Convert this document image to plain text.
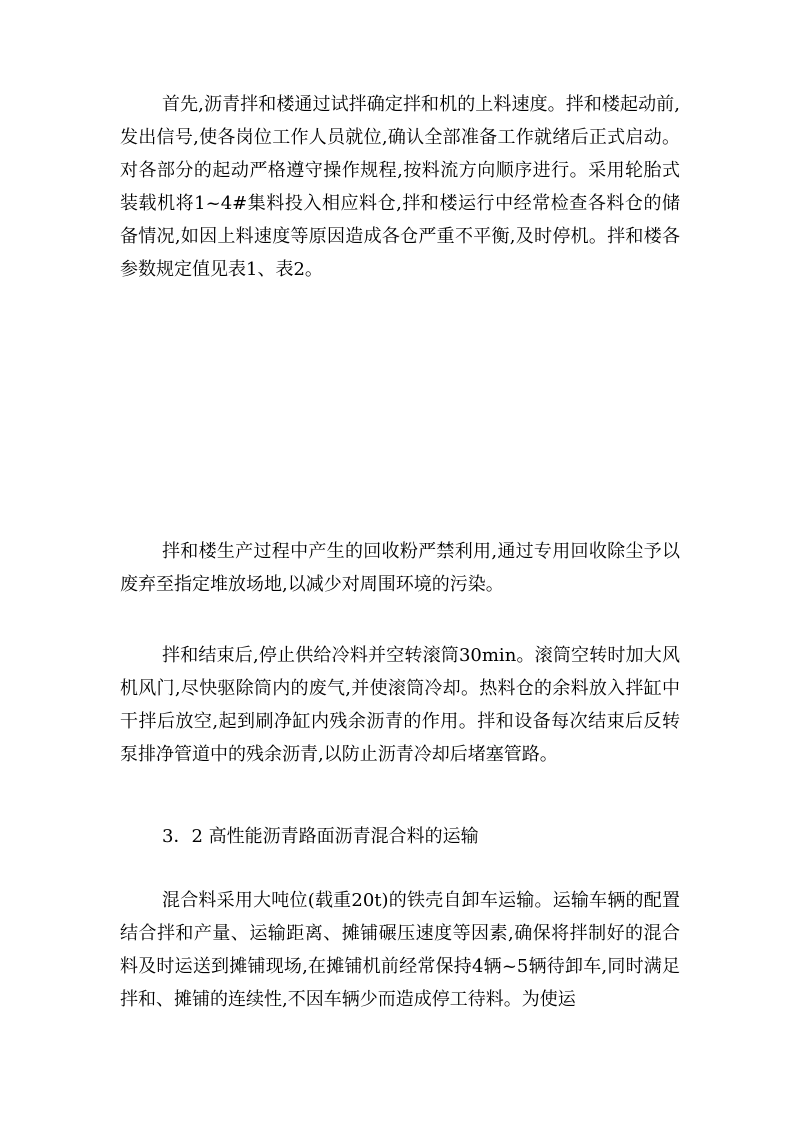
首先,沥青拌和楼通过试拌确定拌和机的上料速度。拌和楼起动前,发出信号,使各岗位工作人员就位,确认全部准备工作就绪后正式启动。对各部分的起动严格遵守操作规程,按料流方向顺序进行。采用轮胎式装载机将1~4#集料投入相应料仓,拌和楼运行中经常检查各料仓的储备情况,如因上料速度等原因造成各仓严重不平衡,及时停机。拌和楼各参数规定值见表1、表2。

拌和楼生产过程中产生的回收粉严禁利用,通过专用回收除尘予以废弃至指定堆放场地,以减少对周围环境的污染。

拌和结束后,停止供给冷料并空转滚筒30min。滚筒空转时加大风机风门,尽快驱除筒内的废气,并使滚筒冷却。热料仓的余料放入拌缸中干拌后放空,起到刷净缸内残余沥青的作用。拌和设备每次结束后反转泵排净管道中的残余沥青,以防止沥青冷却后堵塞管路。

3．2 高性能沥青路面沥青混合料的运输

混合料采用大吨位(载重20t)的铁壳自卸车运输。运输车辆的配置结合拌和产量、运输距离、摊铺碾压速度等因素,确保将拌制好的混合料及时运送到摊铺现场,在摊铺机前经常保持4辆~5辆待卸车,同时满足拌和、摊铺的连续性,不因车辆少而造成停工待料。为使运
